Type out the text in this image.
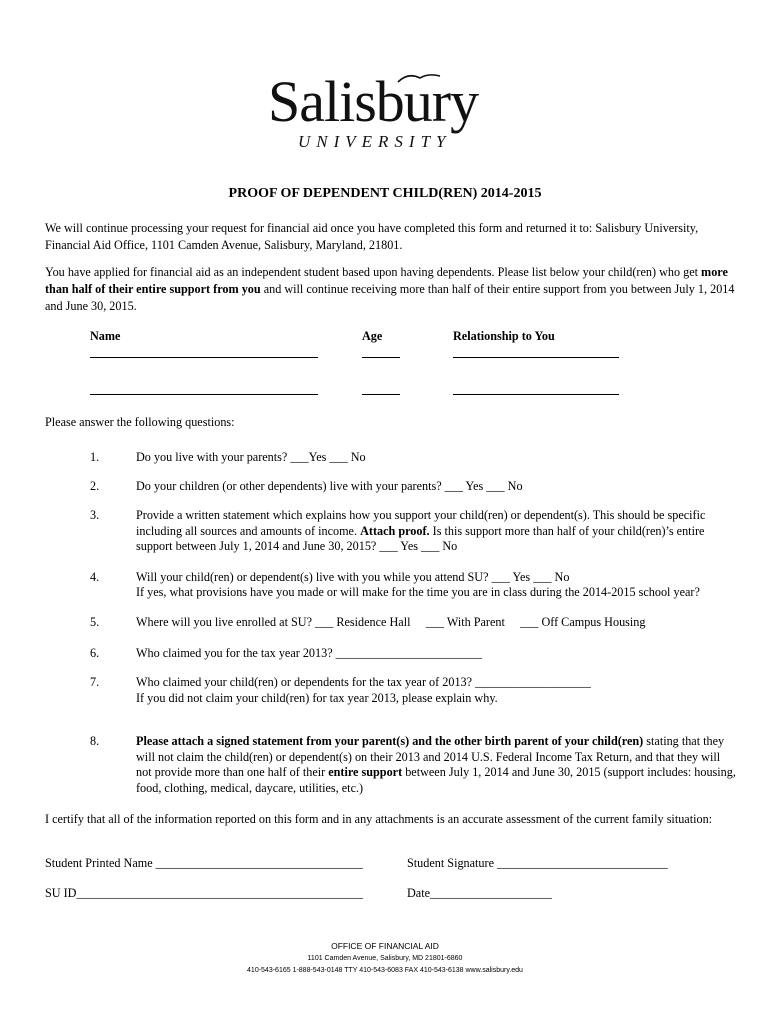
Salisbury
UNIVERSITY
PROOF OF DEPENDENT CHILD(REN) 2014-2015
We will continue processing your request for financial aid once you have completed this form and returned it to: Salisbury University, Financial Aid Office, 1101 Camden Avenue, Salisbury, Maryland, 21801.
You have applied for financial aid as an independent student based upon having dependents. Please list below your child(ren) who get more than half of their entire support from you and will continue receiving more than half of their entire support from you between July 1, 2014 and June 30, 2015.
Name	Age	Relationship to You
Please answer the following questions:
1.	Do you live with your parents? ___Yes ___ No
2.	Do your children (or other dependents) live with your parents? ___ Yes ___ No
3.	Provide a written statement which explains how you support your child(ren) or dependent(s). This should be specific including all sources and amounts of income. Attach proof. Is this support more than half of your child(ren)’s entire support between July 1, 2014 and June 30, 2015? ___ Yes ___ No
4.	Will your child(ren) or dependent(s) live with you while you attend SU? ___ Yes ___ No
If yes, what provisions have you made or will make for the time you are in class during the 2014-2015 school year?
5.	Where will you live enrolled at SU? ___ Residence Hall     ___ With Parent     ___ Off Campus Housing
6.	Who claimed you for the tax year 2013? ________________________
7.	Who claimed your child(ren) or dependents for the tax year of 2013? ___________________
If you did not claim your child(ren) for tax year 2013, please explain why.
8.	Please attach a signed statement from your parent(s) and the other birth parent of your child(ren) stating that they will not claim the child(ren) or dependent(s) on their 2013 and 2014 U.S. Federal Income Tax Return, and that they will not provide more than one half of their entire support between July 1, 2014 and June 30, 2015 (support includes: housing, food, clothing, medical, daycare, utilities, etc.)
I certify that all of the information reported on this form and in any attachments is an accurate assessment of the current family situation:
Student Printed Name __________________________________	Student Signature ____________________________
SU ID_______________________________________________	Date____________________
OFFICE OF FINANCIAL AID
1101 Camden Avenue, Salisbury, MD 21801-6860
410-543-6165 1-888-543-0148 TTY 410-543-6083 FAX 410-543-6138 www.salisbury.edu
